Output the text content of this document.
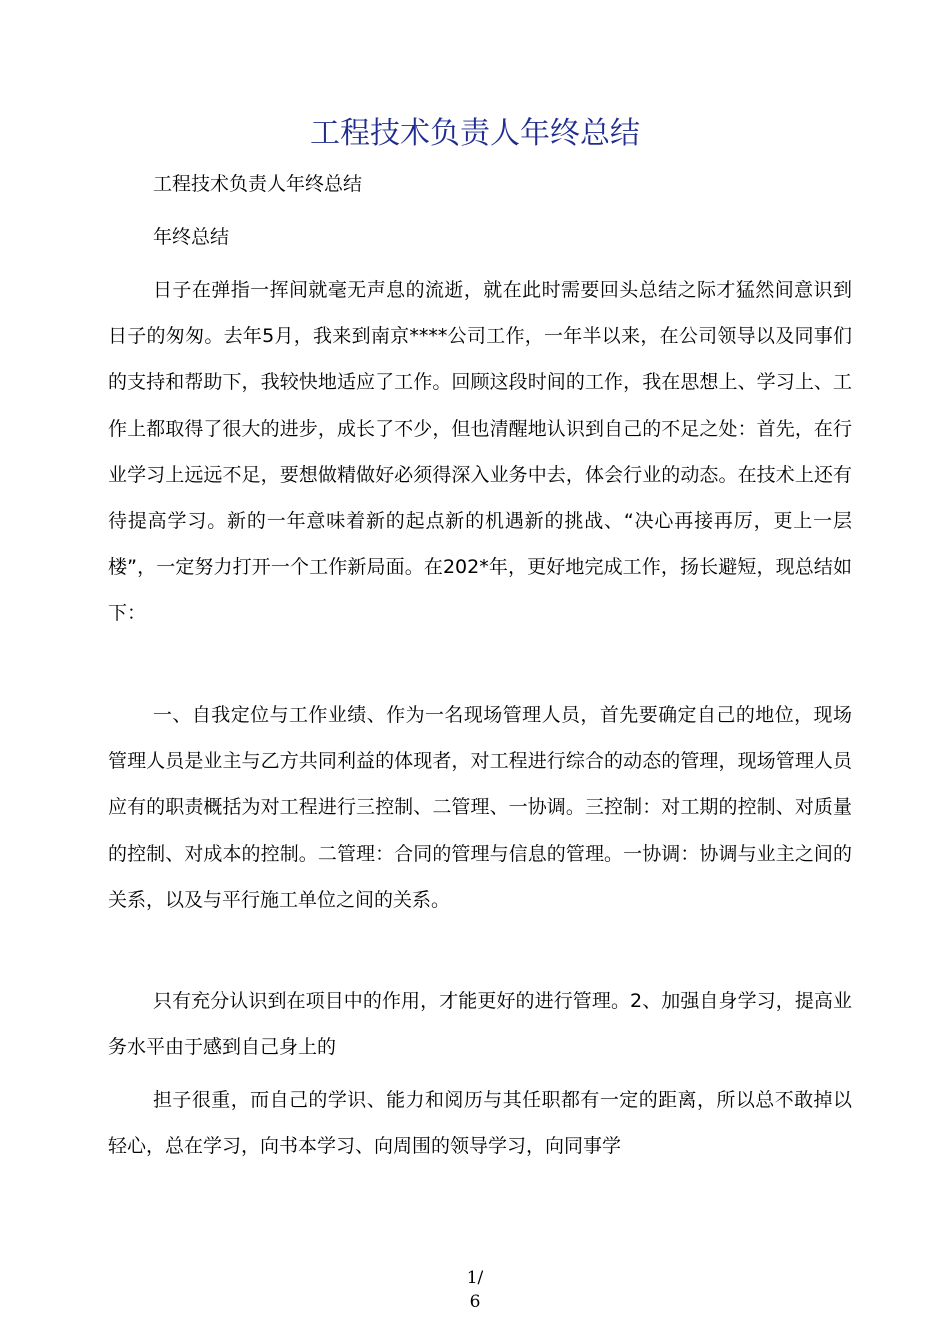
工程技术负责人年终总结
工程技术负责人年终总结
年终总结

日子在弹指一挥间就毫无声息的流逝，就在此时需要回头总结之际才猛然间意识到日子的匆匆。去年5月，我来到南京****公司工作，一年半以来，在公司领导以及同事们的支持和帮助下，我较快地适应了工作。回顾这段时间的工作，我在思想上、学习上、工作上都取得了很大的进步，成长了不少，但也清醒地认识到自己的不足之处：首先，在行业学习上远远不足，要想做精做好必须得深入业务中去，体会行业的动态。在技术上还有待提高学习。新的一年意味着新的起点新的机遇新的挑战、“决心再接再厉，更上一层楼”，一定努力打开一个工作新局面。在202*年，更好地完成工作，扬长避短，现总结如下：

一、自我定位与工作业绩、作为一名现场管理人员，首先要确定自己的地位，现场管理人员是业主与乙方共同利益的体现者，对工程进行综合的动态的管理，现场管理人员应有的职责概括为对工程进行三控制、二管理、一协调。三控制：对工期的控制、对质量的控制、对成本的控制。二管理：合同的管理与信息的管理。一协调：协调与业主之间的关系，以及与平行施工单位之间的关系。

只有充分认识到在项目中的作用，才能更好的进行管理。2、加强自身学习，提高业务水平由于感到自己身上的

担子很重，而自己的学识、能力和阅历与其任职都有一定的距离，所以总不敢掉以轻心，总在学习，向书本学习、向周围的领导学习，向同事学

1/
6
